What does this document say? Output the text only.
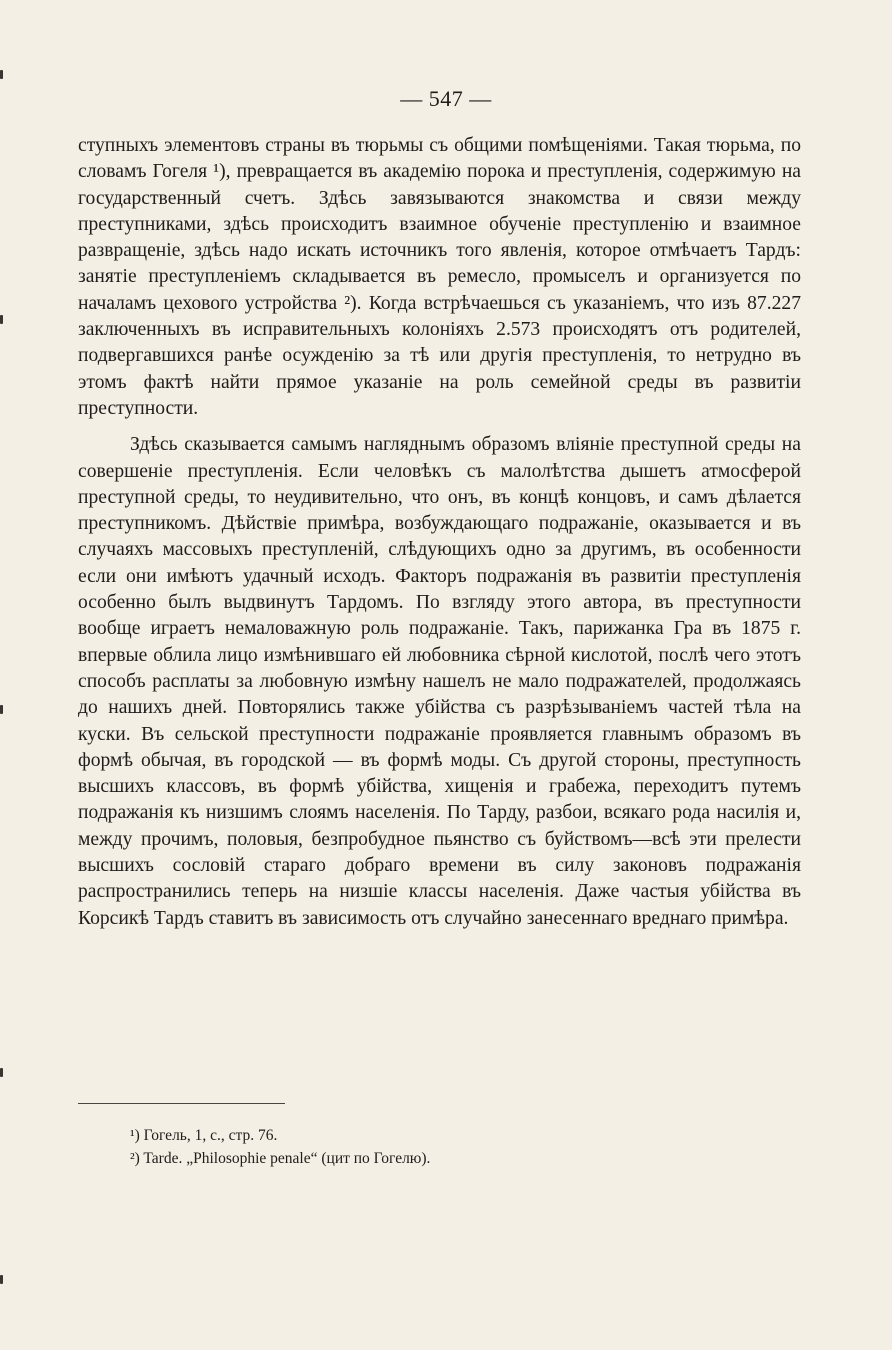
— 547 —

ступныхъ элементовъ страны въ тюрьмы съ общими помѣщеніями. Такая тюрьма, по словамъ Гогеля ¹), превращается въ академію порока и преступленія, содержимую на государственный счетъ. Здѣсь завязываются знакомства и связи между преступниками, здѣсь происходитъ взаимное обученіе преступленію и взаимное развращеніе, здѣсь надо искать источникъ того явленія, которое отмѣчаетъ Тардъ: занятіе преступленіемъ складывается въ ремесло, промыселъ и организуется по началамъ цехового устройства ²). Когда встрѣчаешься съ указаніемъ, что изъ 87.227 заключенныхъ въ исправительныхъ колоніяхъ 2.573 происходятъ отъ родителей, подвергавшихся ранѣе осужденію за тѣ или другія преступленія, то нетрудно въ этомъ фактѣ найти прямое указаніе на роль семейной среды въ развитіи преступности.

Здѣсь сказывается самымъ нагляднымъ образомъ вліяніе преступной среды на совершеніе преступленія. Если человѣкъ съ малолѣтства дышетъ атмосферой преступной среды, то неудивительно, что онъ, въ концѣ концовъ, и самъ дѣлается преступникомъ. Дѣйствіе примѣра, возбуждающаго подражаніе, оказывается и въ случаяхъ массовыхъ преступленій, слѣдующихъ одно за другимъ, въ особенности если они имѣютъ удачный исходъ. Факторъ подражанія въ развитіи преступленія особенно былъ выдвинутъ Тардомъ. По взгляду этого автора, въ преступности вообще играетъ немаловажную роль подражаніе. Такъ, парижанка Гра въ 1875 г. впервые облила лицо измѣнившаго ей любовника сѣрной кислотой, послѣ чего этотъ способъ расплаты за любовную измѣну нашелъ не мало подражателей, продолжаясь до нашихъ дней. Повторялись также убійства съ разрѣзываніемъ частей тѣла на куски. Въ сельской преступности подражаніе проявляется главнымъ образомъ въ формѣ обычая, въ городской — въ формѣ моды. Съ другой стороны, преступность высшихъ классовъ, въ формѣ убійства, хищенія и грабежа, переходитъ путемъ подражанія къ низшимъ слоямъ населенія. По Тарду, разбои, всякаго рода насилія и, между прочимъ, половыя, безпробудное пьянство съ буйствомъ—всѣ эти прелести высшихъ сословій стараго добраго времени въ силу законовъ подражанія распространились теперь на низшіе классы населенія. Даже частыя убійства въ Корсикѣ Тардъ ставитъ въ зависимость отъ случайно занесеннаго вреднаго примѣра.

¹) Гогель, 1, с., стр. 76.

²) Tarde. „Philosophie penale“ (цит по Гогелю).
